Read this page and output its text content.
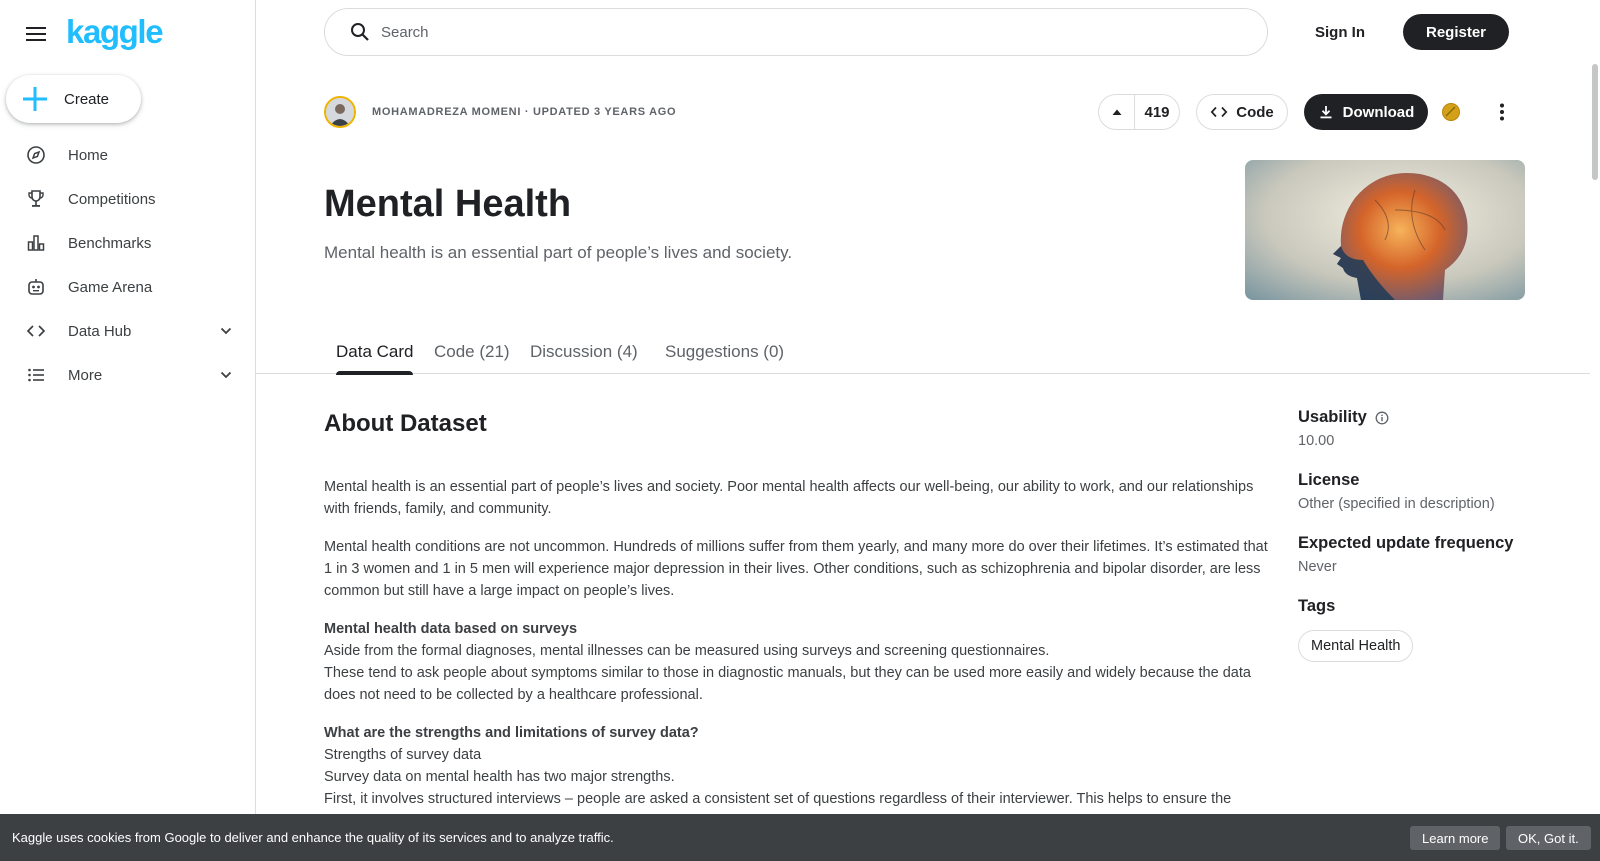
kaggle
Create
Home
Competitions
Benchmarks
Game Arena
Data Hub
More
Search
Sign In	Register
MOHAMADREZA MOMENI · UPDATED 3 YEARS AGO	419	Code	Download
Mental Health
Mental health is an essential part of people’s lives and society.
Data Card Code (21) Discussion (4) Suggestions (0)
About Dataset

Mental health is an essential part of people’s lives and society. Poor mental health affects our well-being, our ability to work, and our relationships with friends, family, and community.

Mental health conditions are not uncommon. Hundreds of millions suffer from them yearly, and many more do over their lifetimes. It’s estimated that 1 in 3 women and 1 in 5 men will experience major depression in their lives. Other conditions, such as schizophrenia and bipolar disorder, are less common but still have a large impact on people’s lives.

Mental health data based on surveys
Aside from the formal diagnoses, mental illnesses can be measured using surveys and screening questionnaires.
These tend to ask people about symptoms similar to those in diagnostic manuals, but they can be used more easily and widely because the data does not need to be collected by a healthcare professional.

What are the strengths and limitations of survey data?
Strengths of survey data
Survey data on mental health has two major strengths.
First, it involves structured interviews – people are asked a consistent set of questions regardless of their interviewer. This helps to ensure the

Usability
10.00
License
Other (specified in description)
Expected update frequency
Never
Tags
Mental Health
Kaggle uses cookies from Google to deliver and enhance the quality of its services and to analyze traffic.	Learn more	OK, Got it.
